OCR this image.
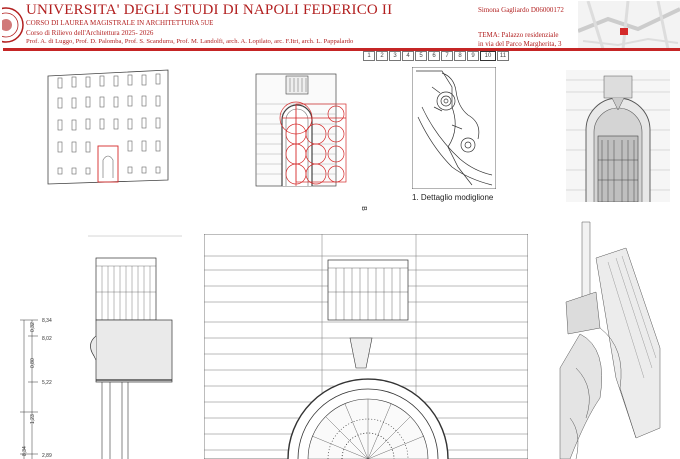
UNIVERSITA' DEGLI STUDI DI NAPOLI FEDERICO II
CORSO DI LAUREA MAGISTRALE IN ARCHITETTURA 5UE
Corso di Rilievo dell'Architettura 2025- 2026
Prof. A. di Luggo, Prof. D. Palomba, Prof. S. Scandurra, Prof. M. Landolfi, arch. A. Lopilato, arc. F.Itri, arch. L. Pappalardo
Simona Gagliardo D06000172
TEMA: Palazzo residenziale
in via del Parco Margherita, 3
1	2	3	4	5	6	7	8	9	10	11
1. Dettaglio modiglione
B
8,34
0,32
8,02
0,80
5,22
1,23
8,34	2,89
